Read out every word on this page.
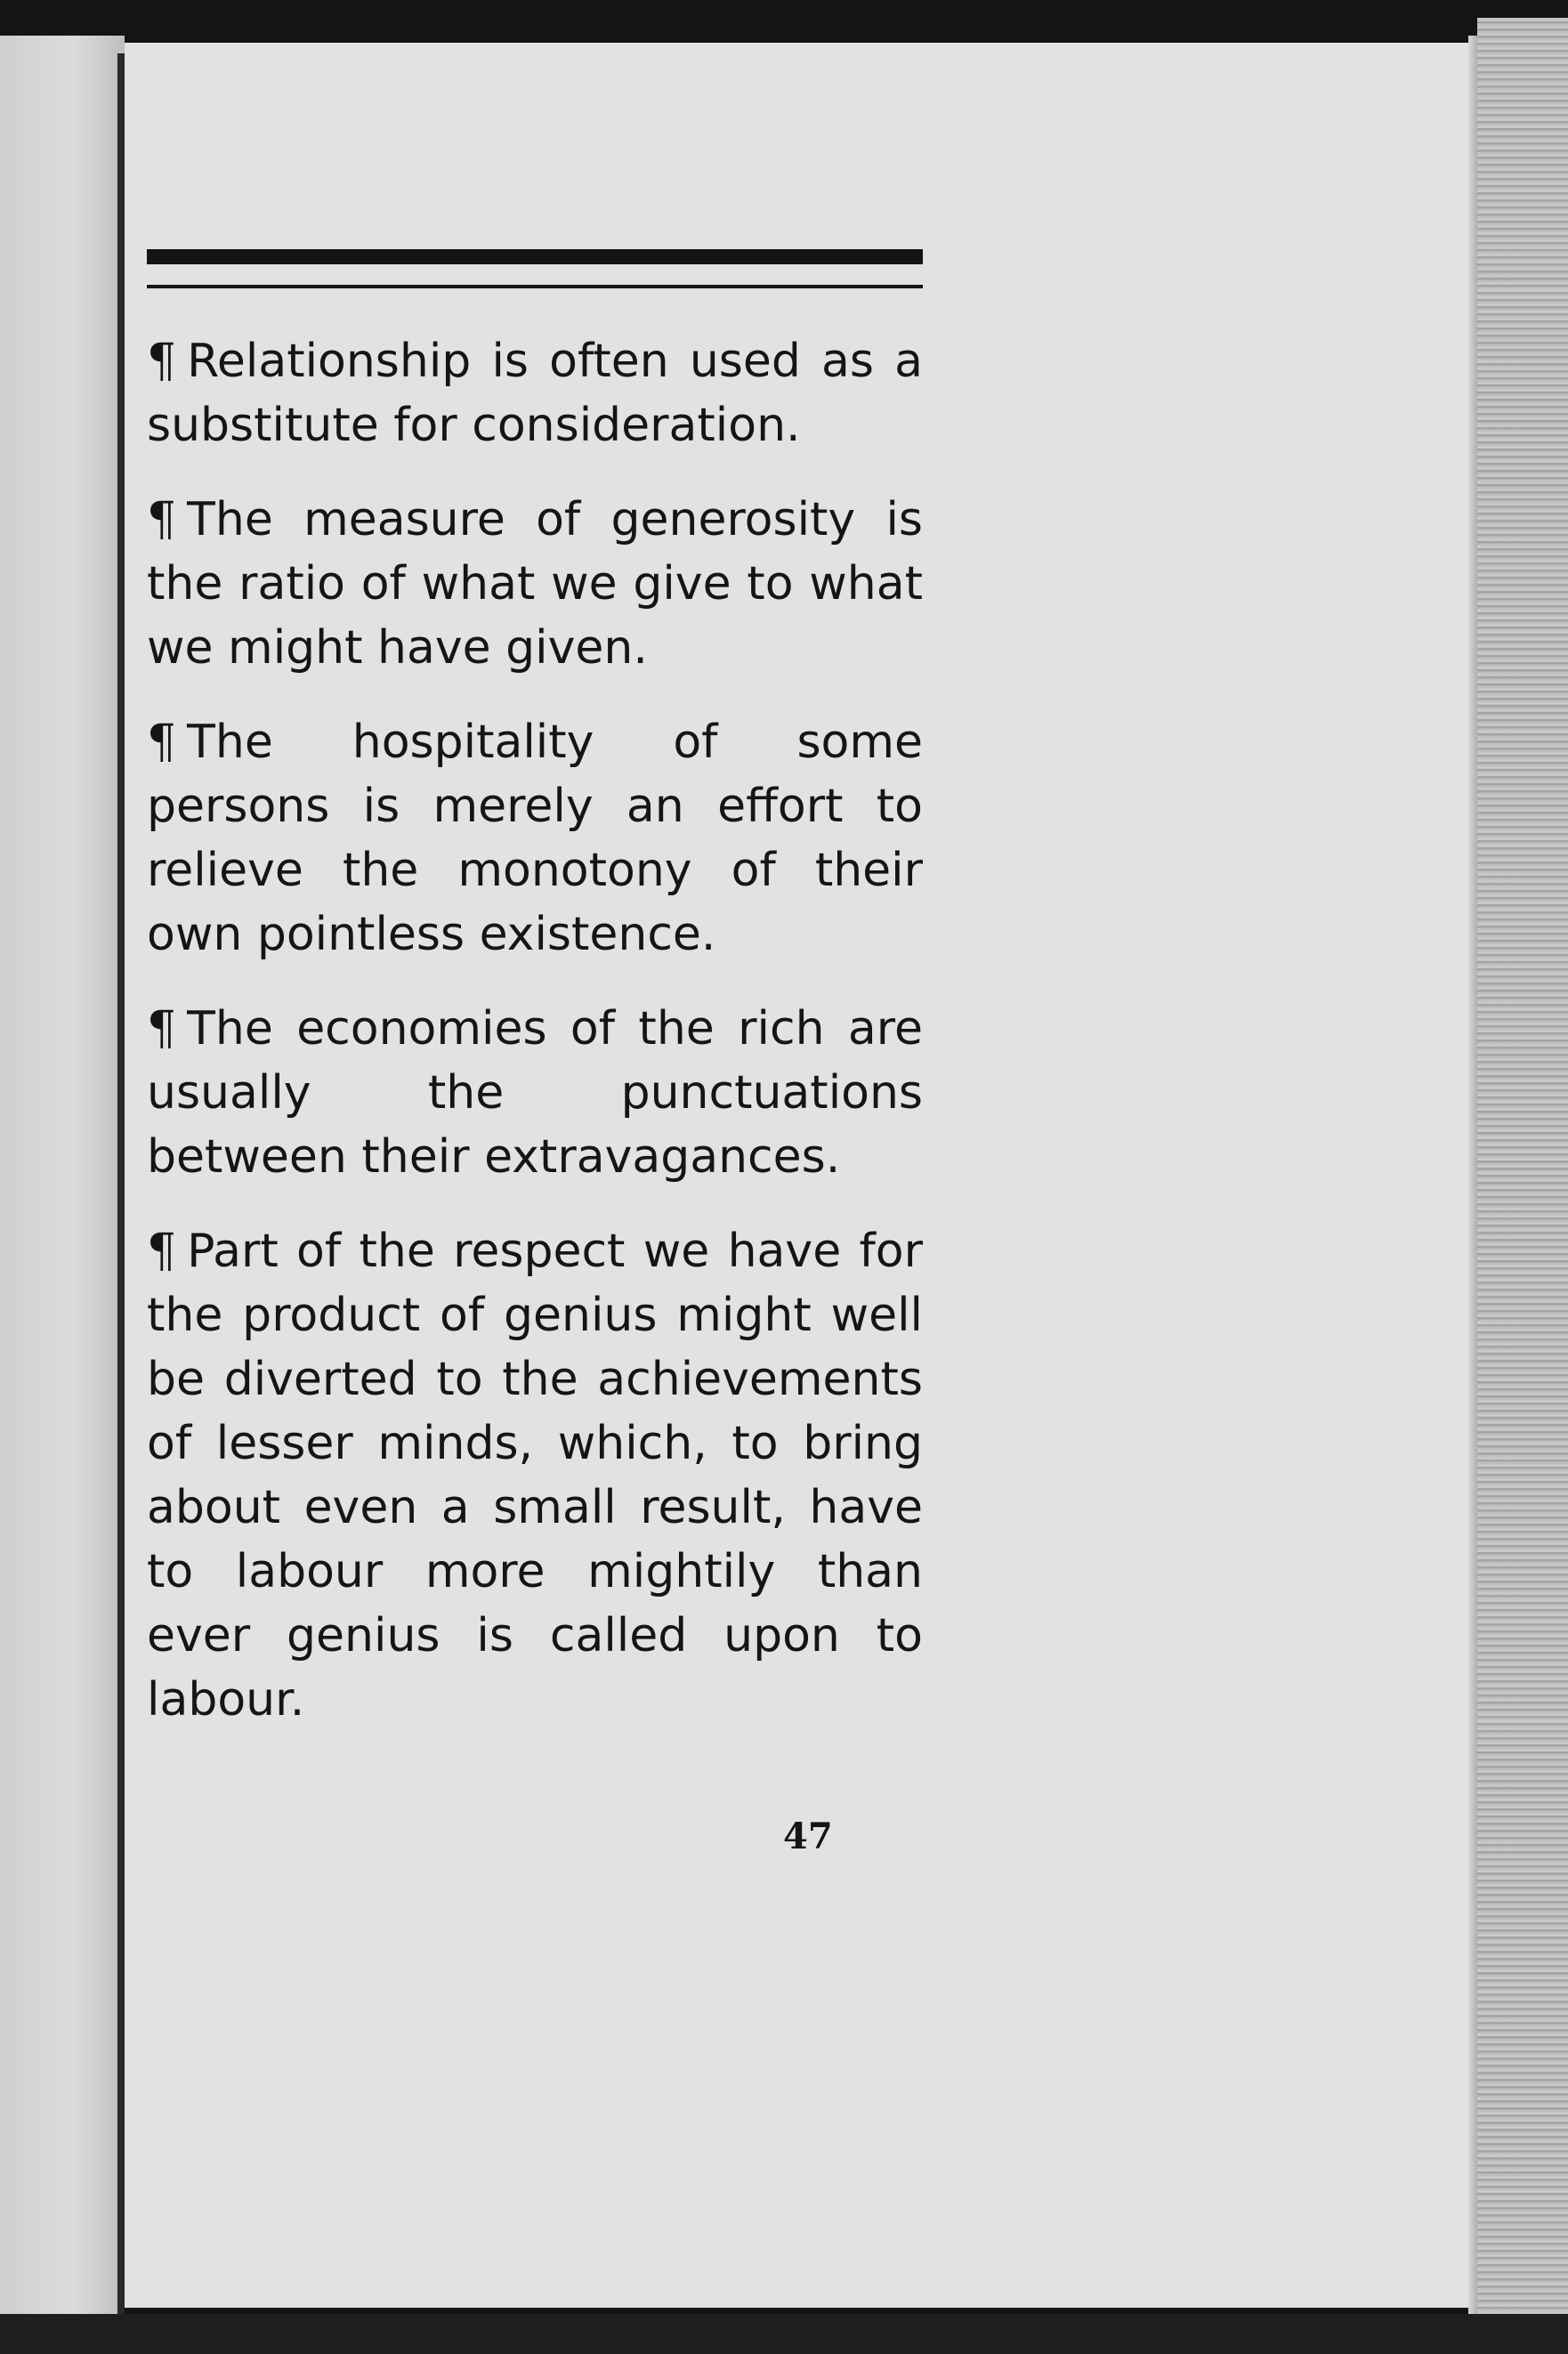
¶ Relationship is often used as a substitute for consideration.

¶ The measure of generosity is the ratio of what we give to what we might have given.

¶ The hospitality of some persons is merely an effort to relieve the monotony of their own pointless existence.

¶ The economies of the rich are usually the punctuations between their extravagances.

¶ Part of the respect we have for the product of genius might well be diverted to the achievements of lesser minds, which, to bring about even a small result, have to labour more mightily than ever genius is called upon to labour.

47
